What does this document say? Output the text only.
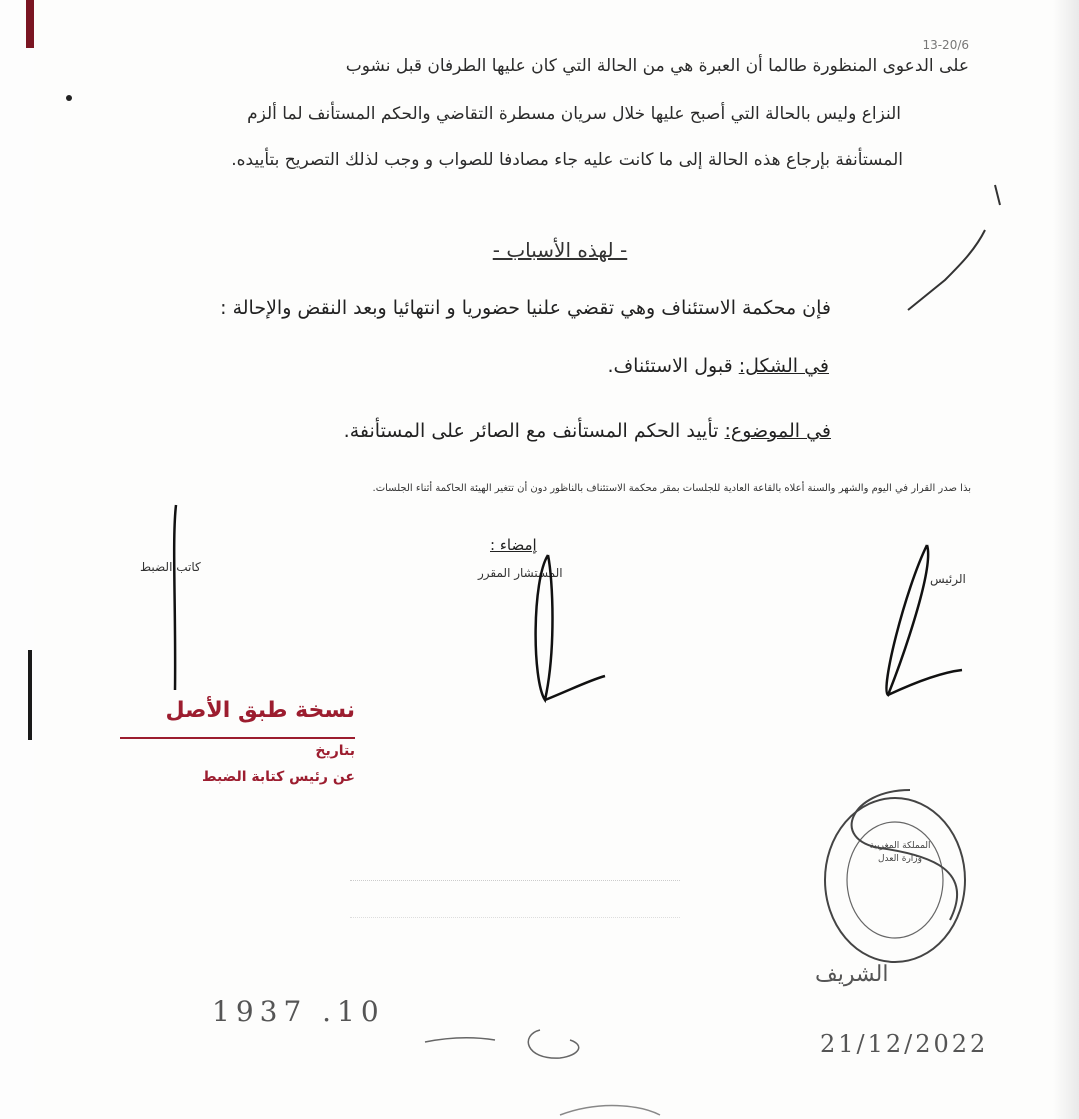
13-20/6
على الدعوى المنظورة طالما أن العبرة هي من الحالة التي كان عليها الطرفان قبل نشوب
النزاع وليس بالحالة التي أصبح عليها خلال سريان مسطرة التقاضي والحكم المستأنف لما ألزم
المستأنفة بإرجاع هذه الحالة إلى ما كانت عليه جاء مصادفا للصواب و وجب لذلك التصريح بتأييده.
- لهذه الأسباب -
فإن محكمة الاستئناف وهي تقضي علنيا حضوريا و انتهائيا وبعد النقض والإحالة :
في الشكل: قبول الاستئناف.
في الموضوع: تأييد الحكم المستأنف مع الصائر على المستأنفة.
بذا صدر القرار في اليوم والشهر والسنة أعلاه بالقاعة العادية للجلسات بمقر محكمة الاستئناف بالناظور دون أن تتغير الهيئة الحاكمة أثناء الجلسات.
إمضاء :
كاتب الضبط	المستشار المقرر	الرئيس
نسخة طبق الأصل
بتاريخ
عن رئيس كتابة الضبط
المملكة المغربية
وزارة العدل
1937 .10
21/12/2022
الشريف
